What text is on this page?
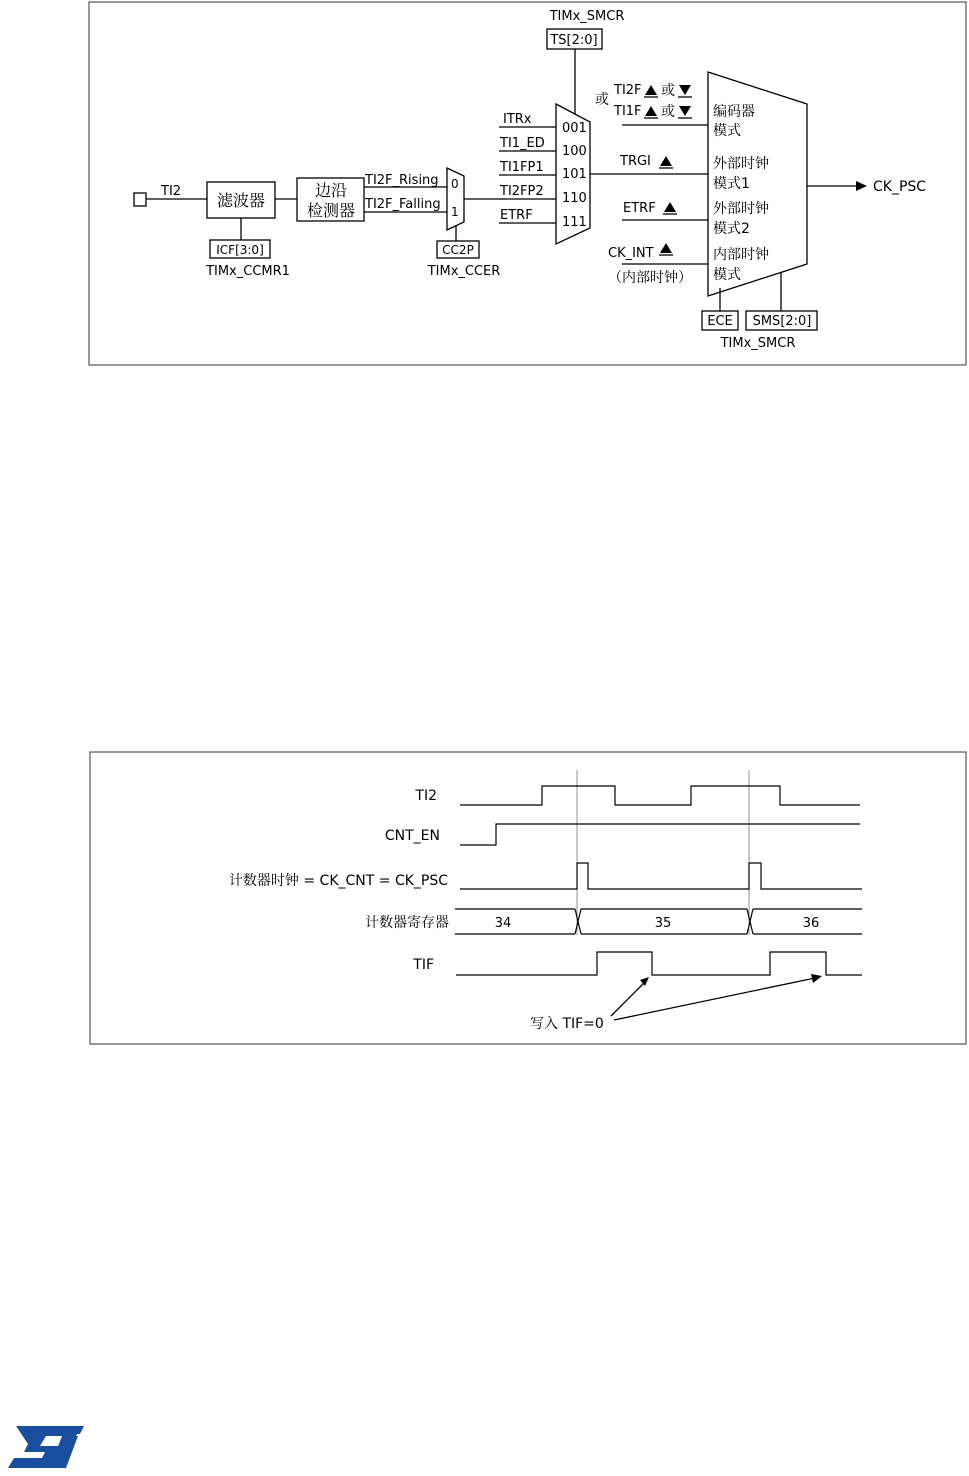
TI2 滤波器
ICF[3:0]
TIMx_CCMR1
边沿
检测器
TI2F_Rising
TI2F_Falling
0
1
CC2P
TIMx_CCER
TIMx_SMCR
TS[2:0]
ITRx
TI1_ED
TI1FP1
TI2FP2
ETRF
001
100
101
110
111
或
TI2F
TI1F
或
或
TRGI
ETRF
CK_INT
（内部时钟）
编码器
模式
外部时钟
模式1
外部时钟
模式2
内部时钟
模式
CK_PSC
ECE SMS[2:0]
TIMx_SMCR
TI2
CNT_EN
计数器时钟 = CK_CNT = CK_PSC
计数器寄存器
TIF
34	35	36
写入 TIF=0
